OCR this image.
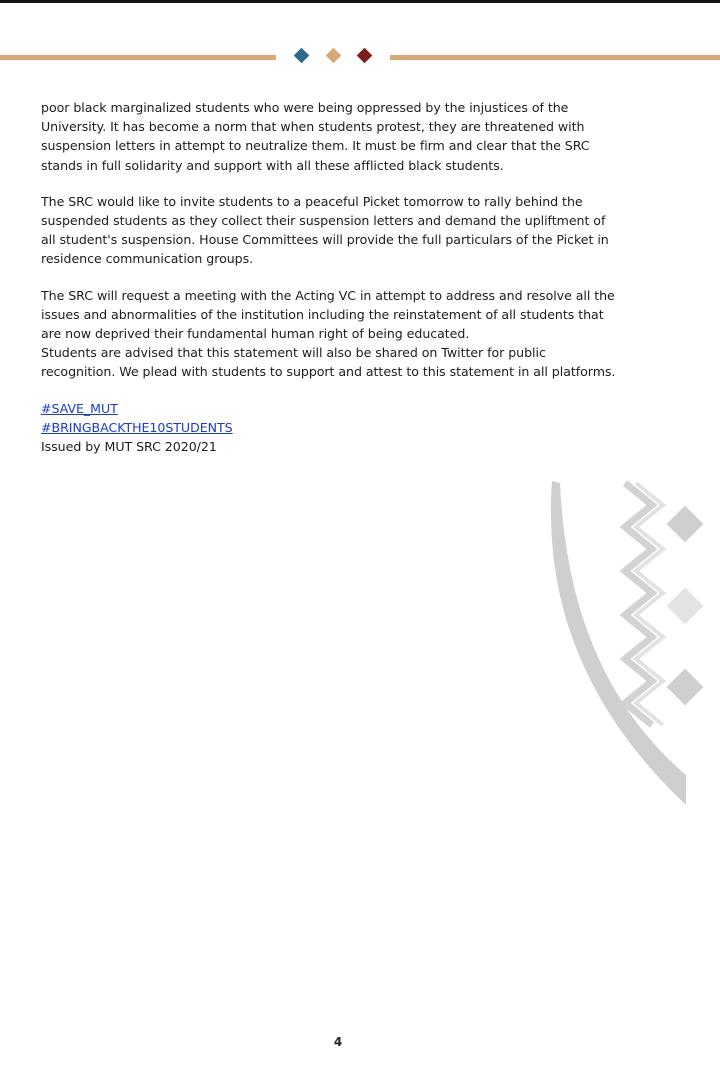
poor black marginalized students who were being oppressed by the injustices of the
University. It has become a norm that when students protest, they are threatened with
suspension letters in attempt to neutralize them. It must be firm and clear that the SRC
stands in full solidarity and support with all these afflicted black students.

The SRC would like to invite students to a peaceful Picket tomorrow to rally behind the
suspended students as they collect their suspension letters and demand the upliftment of
all student's suspension. House Committees will provide the full particulars of the Picket in
residence communication groups.

The SRC will request a meeting with the Acting VC in attempt to address and resolve all the
issues and abnormalities of the institution including the reinstatement of all students that
are now deprived their fundamental human right of being educated.
Students are advised that this statement will also be shared on Twitter for public
recognition. We plead with students to support and attest to this statement in all platforms.

#SAVE_MUT
#BRINGBACKTHE10STUDENTS
Issued by MUT SRC 2020/21
4
